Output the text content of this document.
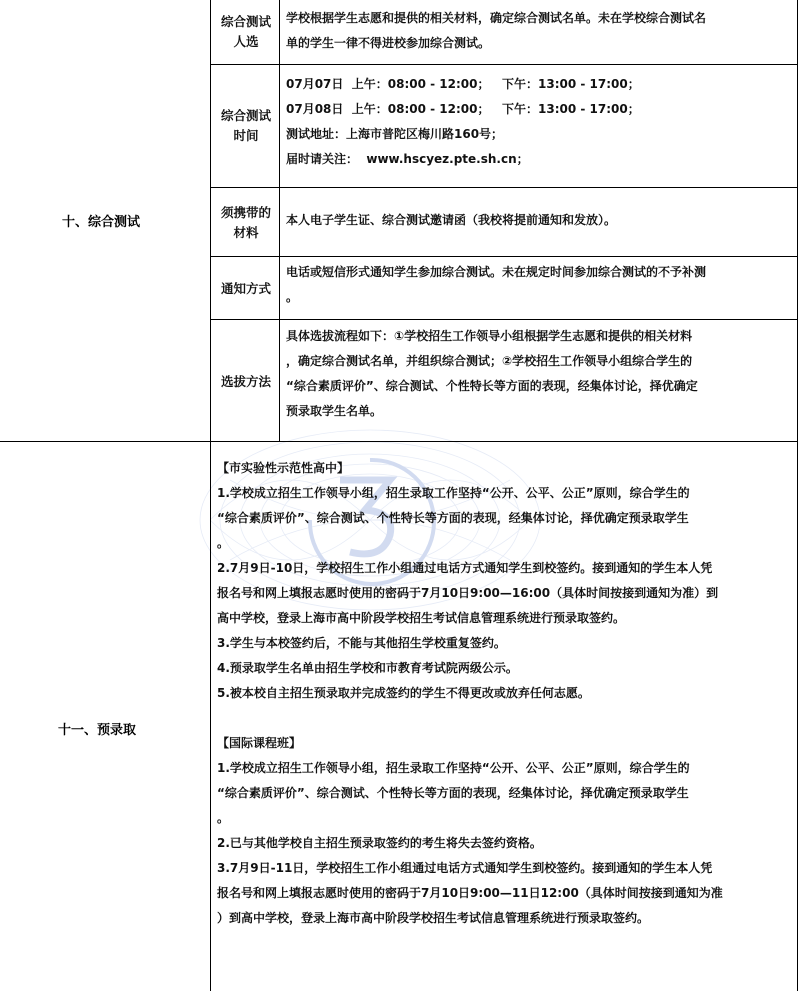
十、综合测试
综合测试
人选
学校根据学生志愿和提供的相关材料，确定综合测试名单。未在学校综合测试名
单的学生一律不得进校参加综合测试。
综合测试
时间
07月07日  上午：08:00 - 12:00；   下午：13:00 - 17:00；
07月08日  上午：08:00 - 12:00；   下午：13:00 - 17:00；
测试地址：上海市普陀区梅川路160号；
届时请关注：  www.hscyez.pte.sh.cn；
须携带的
材料
本人电子学生证、综合测试邀请函（我校将提前通知和发放）。
通知方式
电话或短信形式通知学生参加综合测试。未在规定时间参加综合测试的不予补测
。
选拔方法
具体选拔流程如下：①学校招生工作领导小组根据学生志愿和提供的相关材料
，确定综合测试名单，并组织综合测试；②学校招生工作领导小组综合学生的
“综合素质评价”、综合测试、个性特长等方面的表现，经集体讨论，择优确定
预录取学生名单。
十一、预录取
【市实验性示范性高中】
1.学校成立招生工作领导小组，招生录取工作坚持“公开、公平、公正”原则，综合学生的
“综合素质评价”、综合测试、个性特长等方面的表现，经集体讨论，择优确定预录取学生
。
2.7月9日-10日，学校招生工作小组通过电话方式通知学生到校签约。接到通知的学生本人凭
报名号和网上填报志愿时使用的密码于7月10日9:00—16:00（具体时间按接到通知为准）到
高中学校，登录上海市高中阶段学校招生考试信息管理系统进行预录取签约。
3.学生与本校签约后，不能与其他招生学校重复签约。
4.预录取学生名单由招生学校和市教育考试院两级公示。
5.被本校自主招生预录取并完成签约的学生不得更改或放弃任何志愿。
【国际课程班】
1.学校成立招生工作领导小组，招生录取工作坚持“公开、公平、公正”原则，综合学生的
“综合素质评价”、综合测试、个性特长等方面的表现，经集体讨论，择优确定预录取学生
。
2.已与其他学校自主招生预录取签约的考生将失去签约资格。
3.7月9日-11日，学校招生工作小组通过电话方式通知学生到校签约。接到通知的学生本人凭
报名号和网上填报志愿时使用的密码于7月10日9:00—11日12:00（具体时间按接到通知为准
）到高中学校，登录上海市高中阶段学校招生考试信息管理系统进行预录取签约。
